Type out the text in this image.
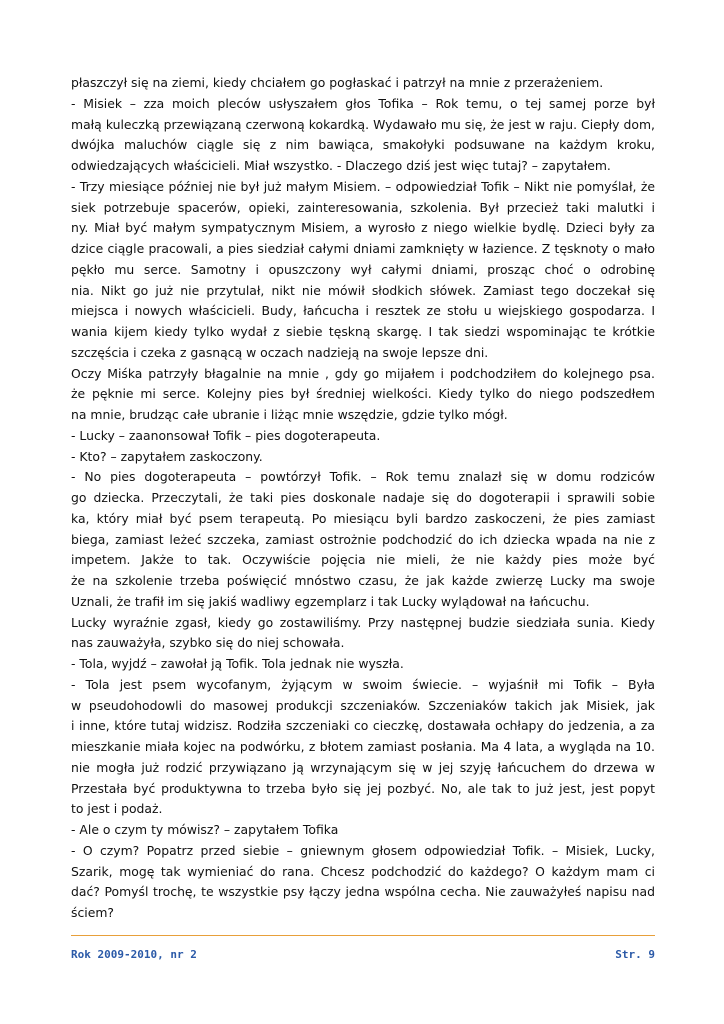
płaszczył się na ziemi, kiedy chciałem go pogłaskać i patrzył na mnie z przerażeniem.
- Misiek – zza moich pleców usłyszałem głos Tofika – Rok temu, o tej samej porze był
małą kuleczką przewiązaną czerwoną kokardką. Wydawało mu się, że jest w raju. Ciepły dom,
dwójka maluchów ciągle się z nim bawiąca, smakołyki podsuwane na każdym kroku,
odwiedzających właścicieli. Miał wszystko. - Dlaczego dziś jest więc tutaj? – zapytałem.
- Trzy miesiące później nie był już małym Misiem. – odpowiedział Tofik – Nikt nie pomyślał, że
siek potrzebuje spacerów, opieki, zainteresowania, szkolenia. Był przecież taki malutki i
ny. Miał być małym sympatycznym Misiem, a wyrosło z niego wielkie bydlę. Dzieci były za
dzice ciągle pracowali, a pies siedział całymi dniami zamknięty w łazience. Z tęsknoty o mało
pękło mu serce. Samotny i opuszczony wył całymi dniami, prosząc choć o odrobinę
nia. Nikt go już nie przytulał, nikt nie mówił słodkich słówek. Zamiast tego doczekał się
miejsca i nowych właścicieli. Budy, łańcucha i resztek ze stołu u wiejskiego gospodarza. I
wania kijem kiedy tylko wydał z siebie tęskną skargę. I tak siedzi wspominając te krótkie
szczęścia i czeka z gasnącą w oczach nadzieją na swoje lepsze dni.
Oczy Miśka patrzyły błagalnie na mnie , gdy go mijałem i podchodziłem do kolejnego psa.
że pęknie mi serce. Kolejny pies był średniej wielkości. Kiedy tylko do niego podszedłem
na mnie, brudząc całe ubranie i liżąc mnie wszędzie, gdzie tylko mógł.
- Lucky – zaanonsował Tofik – pies dogoterapeuta.
- Kto? – zapytałem zaskoczony.
- No pies dogoterapeuta – powtórzył Tofik. – Rok temu znalazł się w domu rodziców
go dziecka. Przeczytali, że taki pies doskonale nadaje się do dogoterapii i sprawili sobie
ka, który miał być psem terapeutą. Po miesiącu byli bardzo zaskoczeni, że pies zamiast
biega, zamiast leżeć szczeka, zamiast ostrożnie podchodzić do ich dziecka wpada na nie z
impetem. Jakże to tak. Oczywiście pojęcia nie mieli, że nie każdy pies może być
że na szkolenie trzeba poświęcić mnóstwo czasu, że jak każde zwierzę Lucky ma swoje
Uznali, że trafił im się jakiś wadliwy egzemplarz i tak Lucky wylądował na łańcuchu.
Lucky wyraźnie zgasł, kiedy go zostawiliśmy. Przy następnej budzie siedziała sunia. Kiedy
nas zauważyła, szybko się do niej schowała.
- Tola, wyjdź – zawołał ją Tofik. Tola jednak nie wyszła.
- Tola jest psem wycofanym, żyjącym w swoim świecie. – wyjaśnił mi Tofik – Była
w pseudohodowli do masowej produkcji szczeniaków. Szczeniaków takich jak Misiek, jak
i inne, które tutaj widzisz. Rodziła szczeniaki co cieczkę, dostawała ochłapy do jedzenia, a za
mieszkanie miała kojec na podwórku, z błotem zamiast posłania. Ma 4 lata, a wygląda na 10.
nie mogła już rodzić przywiązano ją wrzynającym się w jej szyję łańcuchem do drzewa w
Przestała być produktywna to trzeba było się jej pozbyć. No, ale tak to już jest, jest popyt
to jest i podaż.
- Ale o czym ty mówisz? – zapytałem Tofika
- O czym? Popatrz przed siebie – gniewnym głosem odpowiedział Tofik. – Misiek, Lucky,
Szarik, mogę tak wymieniać do rana. Chcesz podchodzić do każdego? O każdym mam ci
dać? Pomyśl trochę, te wszystkie psy łączy jedna wspólna cecha. Nie zauważyłeś napisu nad
ściem?
Rok 2009-2010, nr 2	Str. 9
